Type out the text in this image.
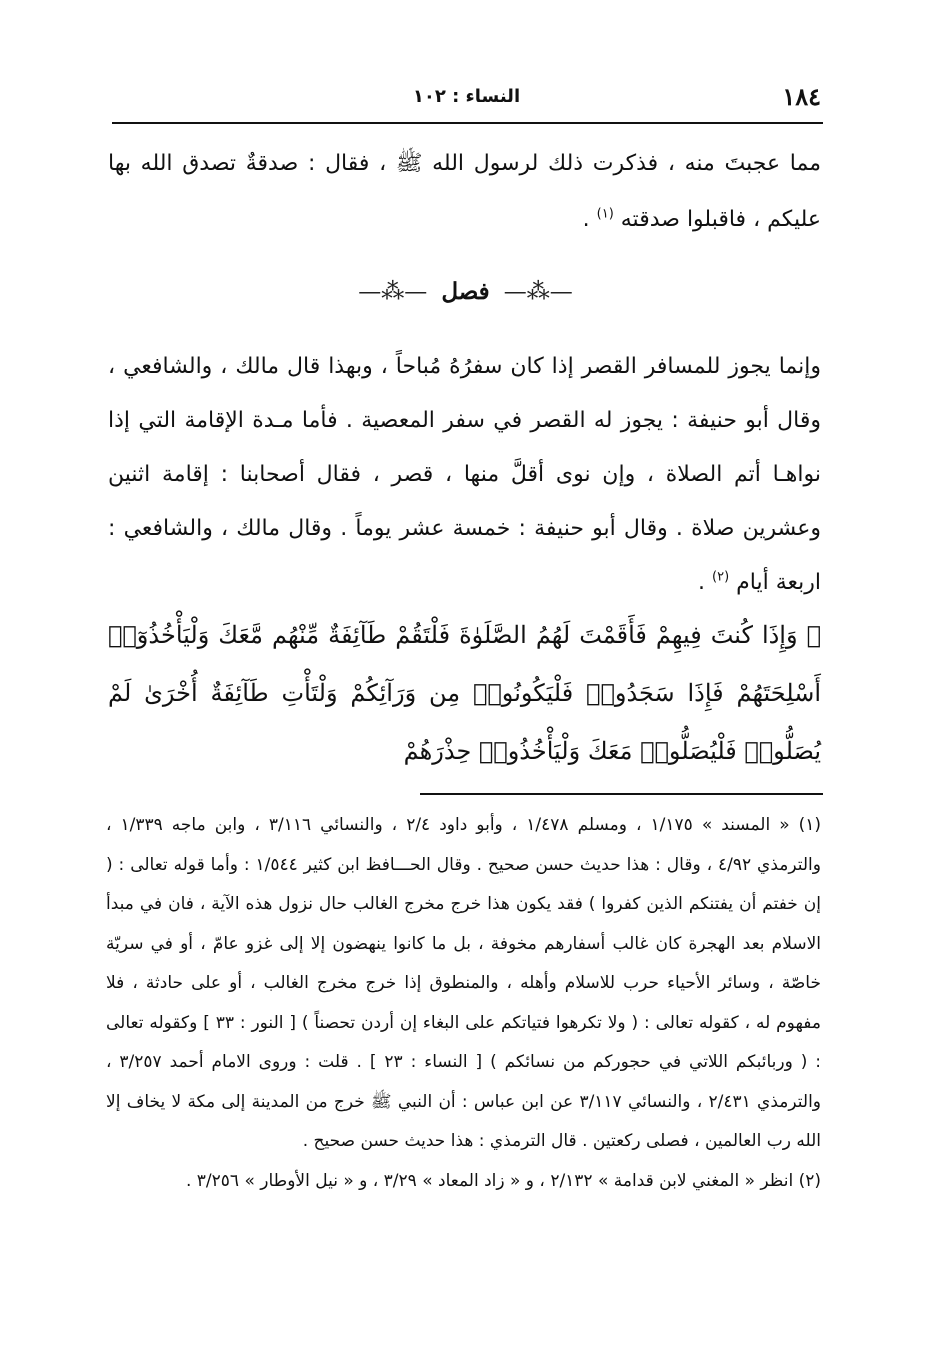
١٨٤
النساء : ١٠٢
مما عجبتَ منه ، فذكرت ذلك لرسول الله ﷺ ، فقال : صدقةٌ تصدق الله بها عليكم ، فاقبلوا صدقته $^{(١)}$ .
—⁂— فصل —⁂—
وإنما يجوز للمسافر القصر إذا كان سفرُهُ مُباحاً ، وبهذا قال مالك ، والشافعي ، وقال أبو حنيفة : يجوز له القصر في سفر المعصية . فأما مـدة الإقامة التي إذا نواهـا أتم الصلاة ، وإن نوى أقلَّ منها ، قصر ، فقال أصحابنا : إقامة اثنين وعشرين صلاة . وقال أبو حنيفة : خمسة عشر يوماً . وقال مالك ، والشافعي : اربعة أيام $^{(٢)}$ .
﴿ وَإِذَا كُنتَ فِيهِمْ فَأَقَمْتَ لَهُمُ الصَّلَوٰةَ فَلْتَقُمْ طَآئِفَةٌ مِّنْهُم مَّعَكَ وَلْيَأْخُذُوٓا۟ أَسْلِحَتَهُمْ فَإِذَا سَجَدُوا۟ فَلْيَكُونُوا۟ مِن وَرَآئِكُمْ وَلْتَأْتِ طَآئِفَةٌ أُخْرَىٰ لَمْ يُصَلُّوا۟ فَلْيُصَلُّوا۟ مَعَكَ وَلْيَأْخُذُوا۟ حِذْرَهُمْ

(١) « المسند » ١/١٧٥ ، ومسلم ١/٤٧٨ ، وأبو داود ٢/٤ ، والنسائي ٣/١١٦ ، وابن ماجه ١/٣٣٩ ، والترمذي ٤/٩٢ ، وقال : هذا حديث حسن صحيح . وقال الحـــافظ ابن كثير ١/٥٤٤ : وأما قوله تعالى : ( إن خفتم أن يفتنكم الذين كفروا ) فقد يكون هذا خرج مخرج الغالب حال نزول هذه الآية ، فان في مبدأ الاسلام بعد الهجرة كان غالب أسفارهم مخوفة ، بل ما كانوا ينهضون إلا إلى غزو عامّ ، أو في سريّة خاصّة ، وسائر الأحياء حرب للاسلام وأهله ، والمنطوق إذا خرج مخرج الغالب ، أو على حادثة ، فلا مفهوم له ، كقوله تعالى : ( ولا تكرهوا فتياتكم على البغاء إن أردن تحصناً ) [ النور : ٣٣ ] وكقوله تعالى : ( وربائبكم اللاتي في حجوركم من نسائكم ) [ النساء : ٢٣ ] . قلت : وروى الامام أحمد ٣/٢٥٧ ، والترمذي ٢/٤٣١ ، والنسائي ٣/١١٧ عن ابن عباس : أن النبي ﷺ خرج من المدينة إلى مكة لا يخاف إلا الله رب العالمين ، فصلى ركعتين . قال الترمذي : هذا حديث حسن صحيح .

(٢) انظر « المغني لابن قدامة » ٢/١٣٢ ، و « زاد المعاد » ٣/٢٩ ، و « نيل الأوطار » ٣/٢٥٦ .
